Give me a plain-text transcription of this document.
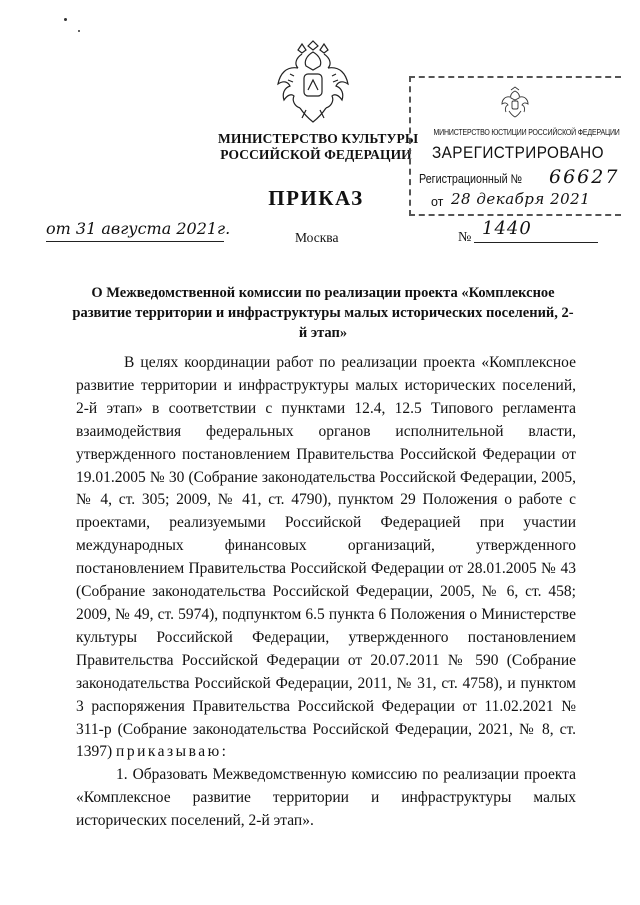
МИНИСТЕРСТВО КУЛЬТУРЫ
РОССИЙСКОЙ ФЕДЕРАЦИИ
ПРИКАЗ
МИНИСТЕРСТВО ЮСТИЦИИ РОССИЙСКОЙ ФЕДЕРАЦИИ
ЗАРЕГИСТРИРОВАНО
Регистрационный № 66627
от 28 декабря 2021
от 31 августа 2021г.	Москва	№ 1440
О Межведомственной комиссии по реализации проекта «Комплексное развитие территории и инфраструктуры малых исторических поселений, 2-й этап»

В целях координации работ по реализации проекта «Комплексное развитие территории и инфраструктуры малых исторических поселений, 2-й этап» в соответствии с пунктами 12.4, 12.5 Типового регламента взаимодействия федеральных органов исполнительной власти, утвержденного постановлением Правительства Российской Федерации от 19.01.2005 № 30 (Собрание законодательства Российской Федерации, 2005, № 4, ст. 305; 2009, № 41, ст. 4790), пунктом 29 Положения о работе с проектами, реализуемыми Российской Федерацией при участии международных финансовых организаций, утвержденного постановлением Правительства Российской Федерации от 28.01.2005 № 43 (Собрание законодательства Российской Федерации, 2005, № 6, ст. 458; 2009, № 49, ст. 5974), подпунктом 6.5 пункта 6 Положения о Министерстве культуры Российской Федерации, утвержденного постановлением Правительства Российской Федерации от 20.07.2011 № 590 (Собрание законодательства Российской Федерации, 2011, № 31, ст. 4758), и пунктом 3 распоряжения Правительства Российской Федерации от 11.02.2021 № 311-р (Собрание законодательства Российской Федерации, 2021, № 8, ст. 1397) приказываю:

1. Образовать Межведомственную комиссию по реализации проекта «Комплексное развитие территории и инфраструктуры малых исторических поселений, 2-й этап».
